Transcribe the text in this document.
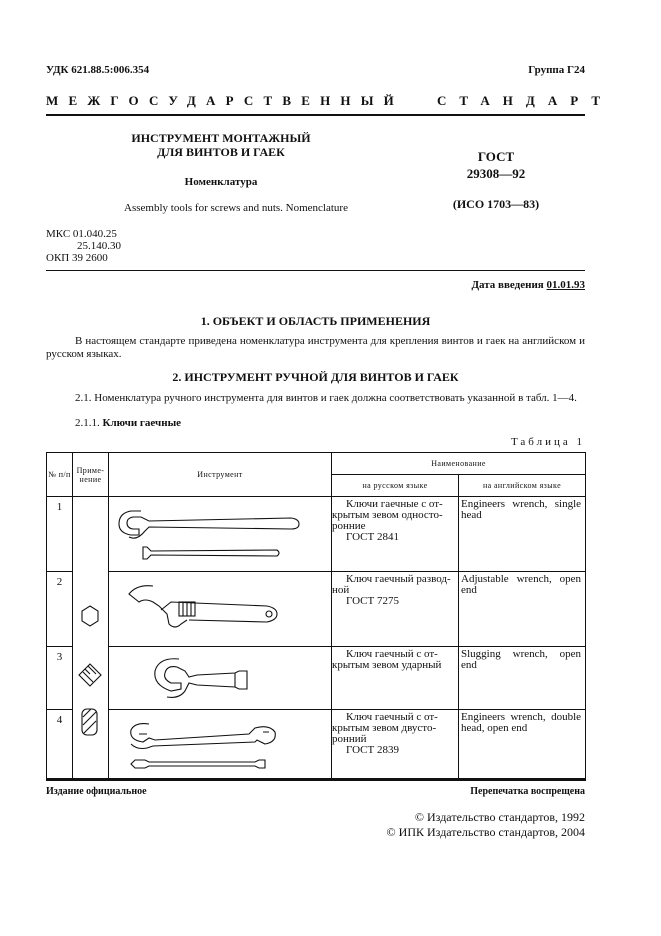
УДК 621.88.5:006.354	Группа Г24
МЕЖГОСУДАРСТВЕННЫЙ	СТАНДАРТ
ИНСТРУМЕНТ МОНТАЖНЫЙ
ДЛЯ ВИНТОВ И ГАЕК
Номенклатура
Assembly tools for screws and nuts. Nomenclature
ГОСТ
29308—92
(ИСО 1703—83)
МКС 01.040.25
25.140.30
ОКП 39 2600
Дата введения 01.01.93
1. ОБЪЕКТ И ОБЛАСТЬ ПРИМЕНЕНИЯ
В настоящем стандарте приведена номенклатура инструмента для крепления винтов и гаек на английском и русском языках.
2. ИНСТРУМЕНТ РУЧНОЙ ДЛЯ ВИНТОВ И ГАЕК
2.1. Номенклатура ручного инструмента для винтов и гаек должна соответствовать указанной в табл. 1—4.
2.1.1. Ключи гаечные
Таблица 1
№ п/п	Приме- нение	Инструмент	Наименование	
			на русском языке	на английском языке
1			Ключи гаечные с от-
крытым зевом односто-
ронние
ГОСТ 2841	Engineers wrench, single head
2			Ключ гаечный развод-
ной
ГОСТ 7275	Adjustable wrench, open end
3			Ключ гаечный с от-
крытым зевом ударный	Slugging wrench, open end
4			Ключ гаечный с от-
крытым зевом двусто-
ронний
ГОСТ 2839	Engineers wrench, double head, open end
Издание официальное	Перепечатка воспрещена
© Издательство стандартов, 1992
© ИПК Издательство стандартов, 2004
